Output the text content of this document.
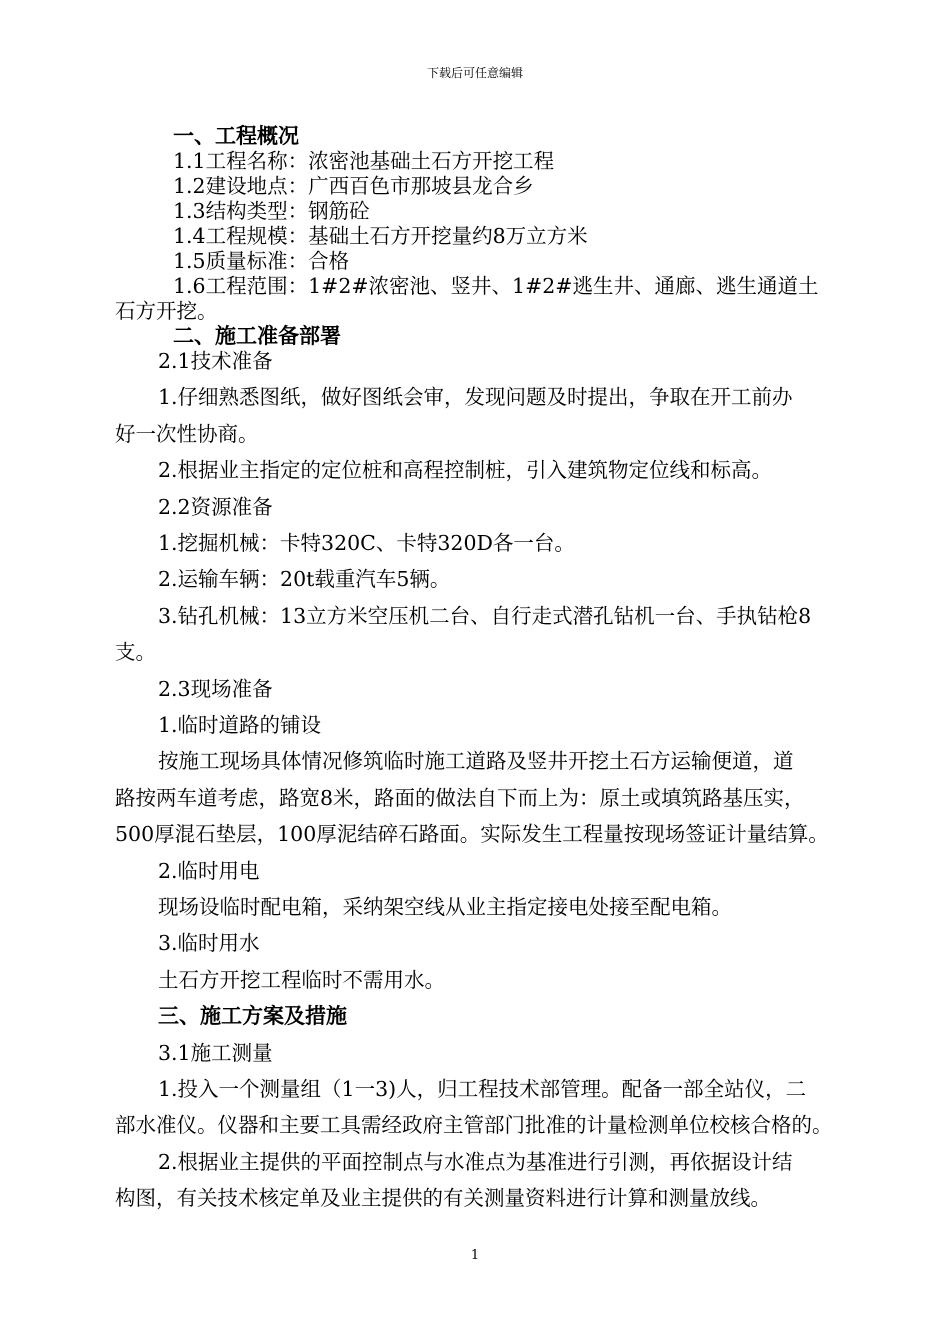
下载后可任意编辑
一、工程概况
1.1工程名称：浓密池基础土石方开挖工程
1.2建设地点：广西百色市那坡县龙合乡
1.3结构类型：钢筋砼
1.4工程规模：基础土石方开挖量约8万立方米
1.5质量标准：合格
1.6工程范围：1#2#浓密池、竖井、1#2#逃生井、通廊、逃生通道土
石方开挖。
二、施工准备部署
2.1技术准备
1.仔细熟悉图纸，做好图纸会审，发现问题及时提出，争取在开工前办
好一次性协商。
2.根据业主指定的定位桩和高程控制桩，引入建筑物定位线和标高。
2.2资源准备
1.挖掘机械：卡特320C、卡特320D各一台。
2.运输车辆：20t载重汽车5辆。
3.钻孔机械：13立方米空压机二台、自行走式潜孔钻机一台、手执钻枪8
支。
2.3现场准备
1.临时道路的铺设
按施工现场具体情况修筑临时施工道路及竖井开挖土石方运输便道，道
路按两车道考虑，路宽8米，路面的做法自下而上为：原土或填筑路基压实，
500厚混石垫层，100厚泥结碎石路面。实际发生工程量按现场签证计量结算。
2.临时用电
现场设临时配电箱，采纳架空线从业主指定接电处接至配电箱。
3.临时用水
土石方开挖工程临时不需用水。
三、施工方案及措施
3.1施工测量
1.投入一个测量组（1一3)人，归工程技术部管理。配备一部全站仪，二
部水准仪。仪器和主要工具需经政府主管部门批准的计量检测单位校核合格的。
2.根据业主提供的平面控制点与水准点为基准进行引测，再依据设计结
构图，有关技术核定单及业主提供的有关测量资料进行计算和测量放线。
1
